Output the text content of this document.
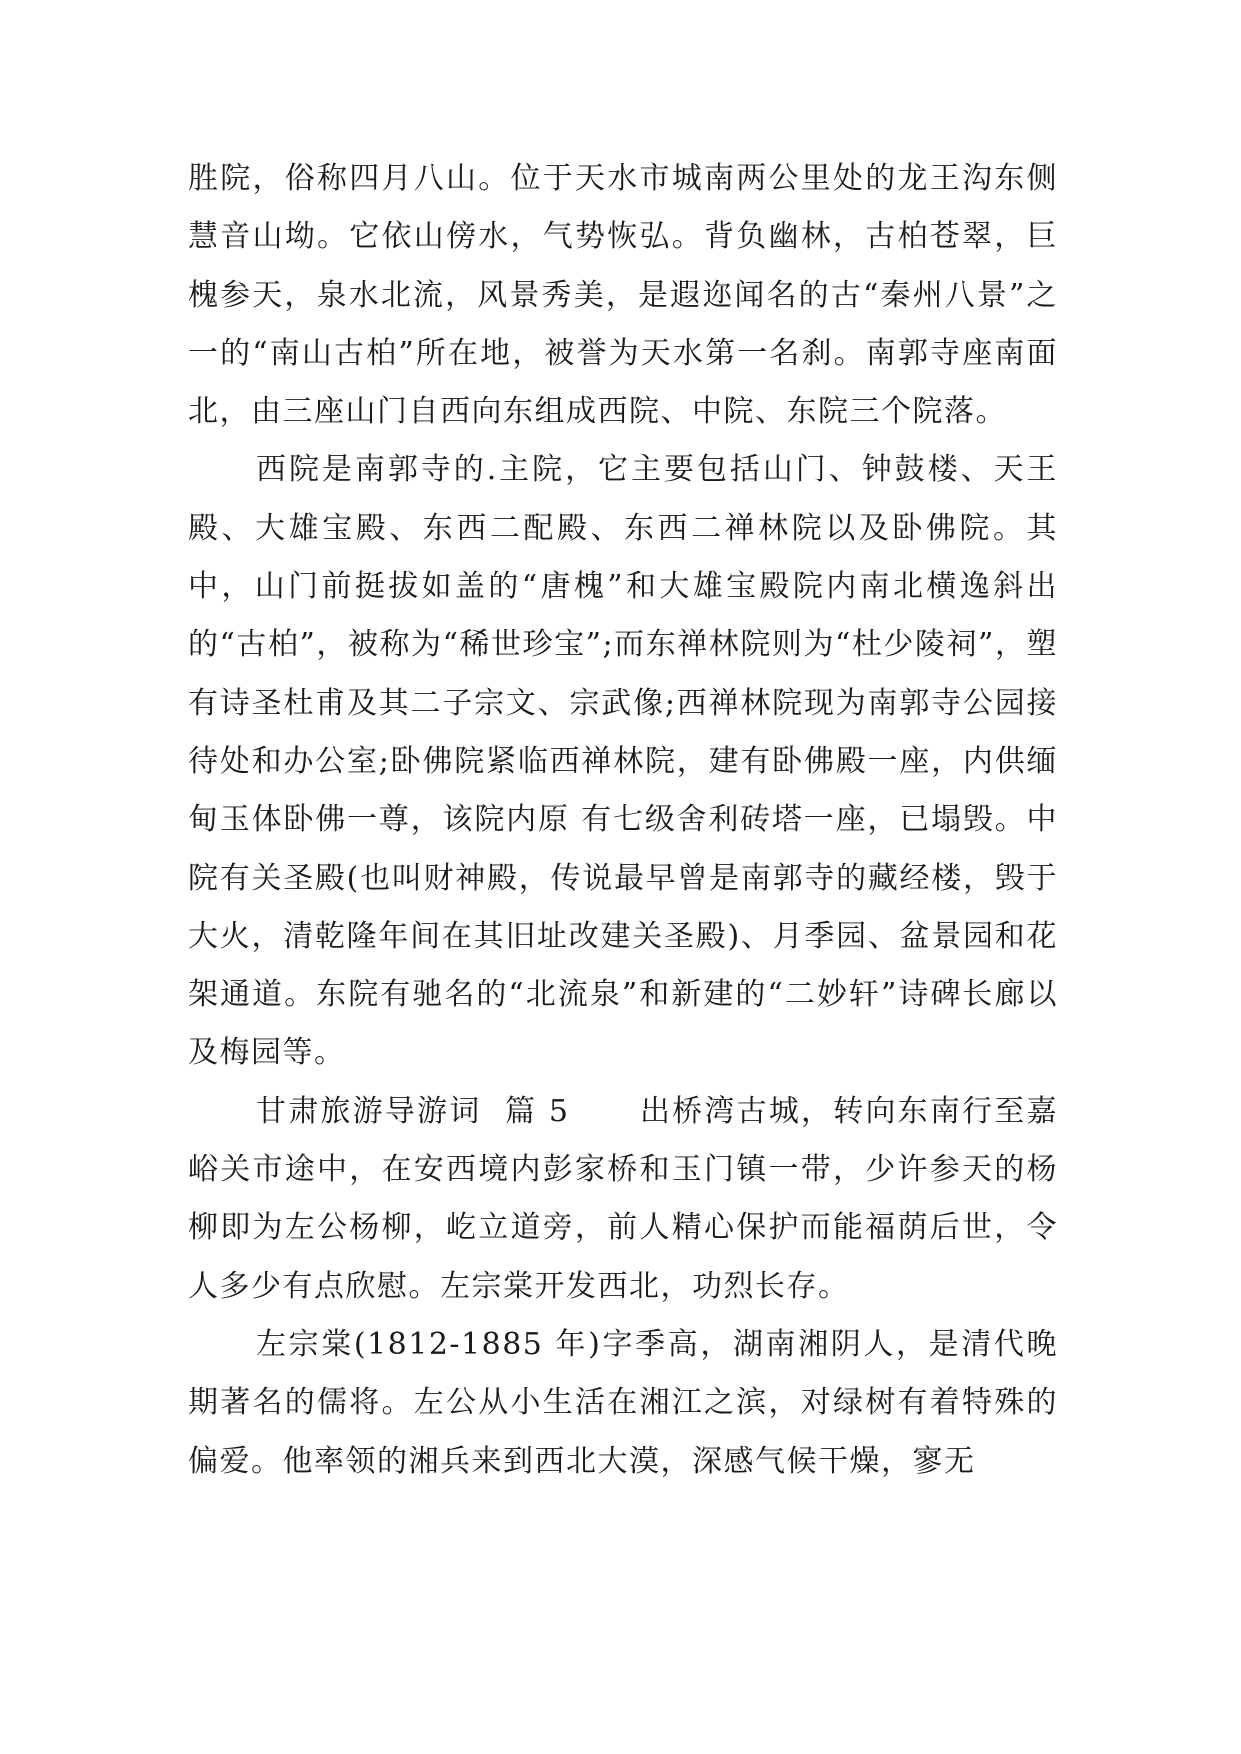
胜院，俗称四月八山。位于天水市城南两公里处的龙王沟东侧慧音山坳。它依山傍水，气势恢弘。背负幽林，古柏苍翠，巨槐参天，泉水北流，风景秀美，是遐迩闻名的古“秦州八景”之一的“南山古柏”所在地，被誉为天水第一名刹。南郭寺座南面北，由三座山门自西向东组成西院、中院、东院三个院落。

西院是南郭寺的.主院，它主要包括山门、钟鼓楼、天王殿、大雄宝殿、东西二配殿、东西二禅林院以及卧佛院。其中，山门前挺拔如盖的“唐槐”和大雄宝殿院内南北横逸斜出的“古柏”，被称为“稀世珍宝”;而东禅林院则为“杜少陵祠”，塑有诗圣杜甫及其二子宗文、宗武像;西禅林院现为南郭寺公园接待处和办公室;卧佛院紧临西禅林院，建有卧佛殿一座，内供缅甸玉体卧佛一尊，该院内原 有七级舍利砖塔一座，已塌毁。中院有关圣殿(也叫财神殿，传说最早曾是南郭寺的藏经楼，毁于大火，清乾隆年间在其旧址改建关圣殿)、月季园、盆景园和花架通道。东院有驰名的“北流泉”和新建的“二妙轩”诗碑长廊以及梅园等。

甘肃旅游导游词  篇 5      出桥湾古城，转向东南行至嘉峪关市途中，在安西境内彭家桥和玉门镇一带，少许参天的杨柳即为左公杨柳，屹立道旁，前人精心保护而能福荫后世，令人多少有点欣慰。左宗棠开发西北，功烈长存。

左宗棠(1812-1885 年)字季高，湖南湘阴人，是清代晚期著名的儒将。左公从小生活在湘江之滨，对绿树有着特殊的偏爱。他率领的湘兵来到西北大漠，深感气候干燥，寥无
